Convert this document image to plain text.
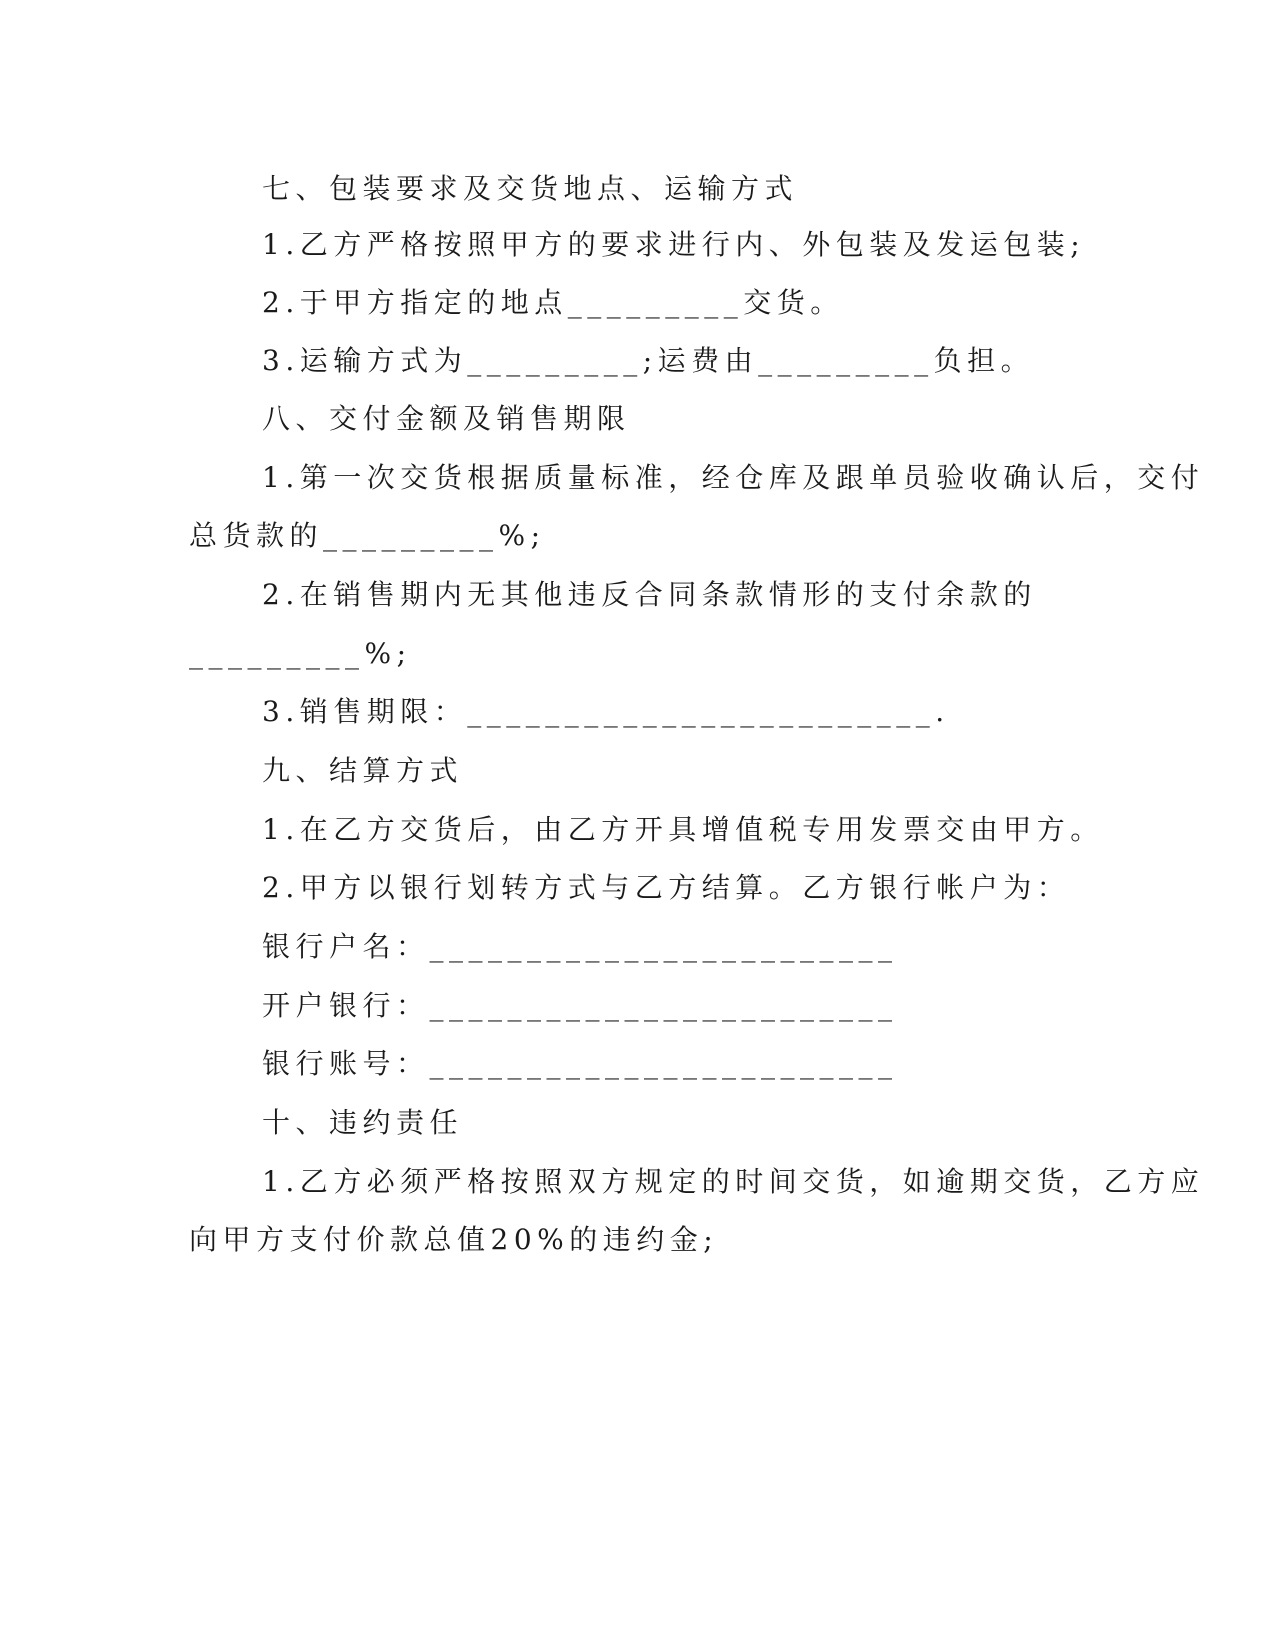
七、包装要求及交货地点、运输方式
1.乙方严格按照甲方的要求进行内、外包装及发运包装;
2.于甲方指定的地点_________交货。
3.运输方式为_________;运费由_________负担。
八、交付金额及销售期限
1.第一次交货根据质量标准，经仓库及跟单员验收确认后，交付
总货款的_________%;
2.在销售期内无其他违反合同条款情形的支付余款的
_________%;
3.销售期限：________________________.
九、结算方式
1.在乙方交货后，由乙方开具增值税专用发票交由甲方。
2.甲方以银行划转方式与乙方结算。乙方银行帐户为：
银行户名：________________________
开户银行：________________________
银行账号：________________________
十、违约责任
1.乙方必须严格按照双方规定的时间交货，如逾期交货，乙方应
向甲方支付价款总值20%的违约金;
